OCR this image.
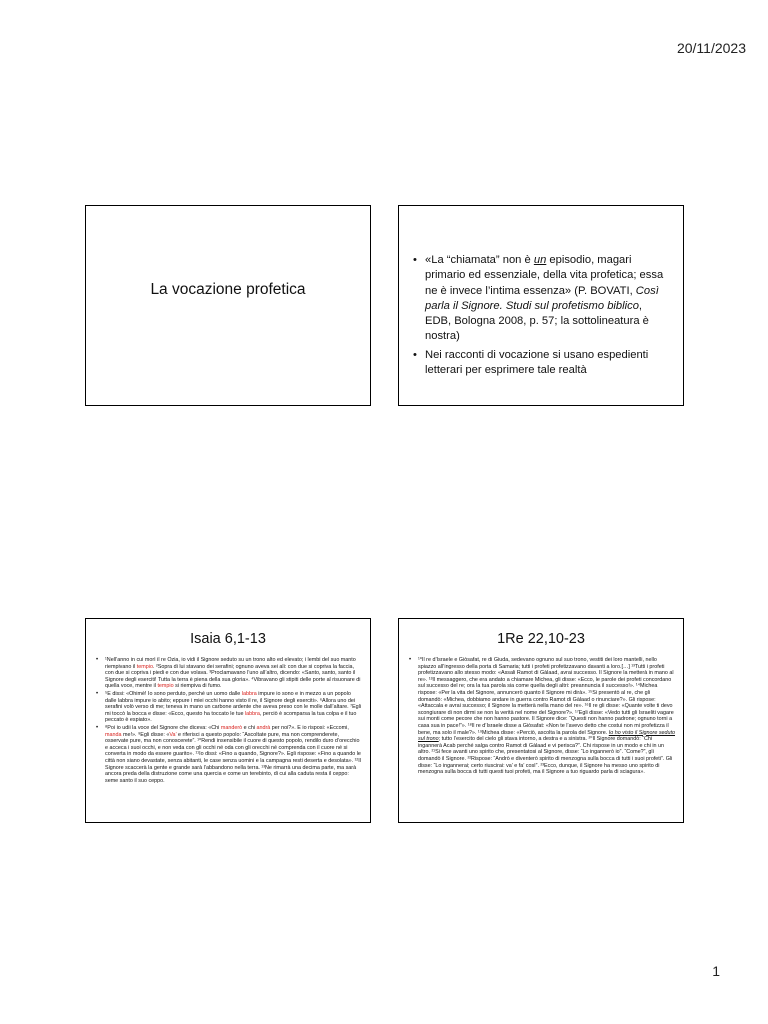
20/11/2023
La vocazione profetica
• «La “chiamata” non è un episodio, magari primario ed essenziale, della vita profetica; essa ne è invece l’intima essenza» (P. BOVATI, Così parla il Signore. Studi sul profetismo biblico, EDB, Bologna 2008, p. 57; la sottolineatura è nostra)
• Nei racconti di vocazione si usano espedienti letterari per esprimere tale realtà
Isaia 6,1-13
• ¹Nell’anno in cui morì il re Ozia, io vidi il Signore seduto su un trono alto ed elevato; i lembi del suo manto riempivano il tempio. ²Sopra di lui stavano dei serafini; ognuno aveva sei ali: con due si copriva la faccia, con due si copriva i piedi e con due volava. ³Proclamavano l’uno all’altro, dicendo: «Santo, santo, santo il Signore degli eserciti! Tutta la terra è piena della sua gloria». ⁴Vibravano gli stipiti delle porte al risuonare di quella voce, mentre il tempio si riempiva di fumo.
• ⁵E dissi: «Ohimè! Io sono perduto, perché un uomo dalle labbra impure io sono e in mezzo a un popolo dalle labbra impure io abito; eppure i miei occhi hanno visto il re, il Signore degli eserciti». ⁶Allora uno dei serafini volò verso di me; teneva in mano un carbone ardente che aveva preso con le molle dall’altare. ⁷Egli mi toccò la bocca e disse: «Ecco, questo ha toccato le tue labbra, perciò è scomparsa la tua colpa e il tuo peccato è espiato».
• ⁸Poi io udii la voce del Signore che diceva: «Chi manderò e chi andrà per noi?». E io risposi: «Eccomi, manda me!». ⁹Egli disse: «Va’ e riferisci a questo popolo: “Ascoltate pure, ma non comprenderete, osservate pure, ma non conoscerete”. ¹⁰Rendi insensibile il cuore di questo popolo, rendilo duro d’orecchio e acceca i suoi occhi, e non veda con gli occhi né oda con gli orecchi né comprenda con il cuore né si converta in modo da essere guarito». ¹¹Io dissi: «Fino a quando, Signore?». Egli rispose: «Fino a quando le città non siano devastate, senza abitanti, le case senza uomini e la campagna resti deserta e desolata». ¹²Il Signore scaccerà la gente e grande sarà l’abbandono nella terra. ¹³Ne rimarrà una decima parte, ma sarà ancora preda della distruzione come una quercia e come un terebinto, di cui alla caduta resta il ceppo: seme santo il suo ceppo.
1Re 22,10-23
• ¹⁰Il re d’Israele e Giòsafat, re di Giuda, sedevano ognuno sul suo trono, vestiti dei loro mantelli, nello spiazzo all’ingresso della porta di Samaria; tutti i profeti profetizzavano davanti a loro.[…] ¹³Tutti i profeti profetizzavano allo stesso modo: «Assali Ramot di Gàlaad, avrai successo. Il Signore la metterà in mano al re». ¹³Il messaggero, che era andato a chiamare Michea, gli disse: «Ecco, le parole dei profeti concordano sul successo del re; ora la tua parola sia come quella degli altri: preannuncia il successo!». ¹⁴Michea rispose: «Per la vita del Signore, annuncerò quanto il Signore mi dirà». ¹⁵Si presentò al re, che gli domandò: «Michea, dobbiamo andare in guerra contro Ramot di Gàlaad o rinunciare?». Gli rispose: «Attaccala e avrai successo; il Signore la metterà nella mano del re». ¹⁶Il re gli disse: «Quante volte ti devo scongiurare di non dirmi se non la verità nel nome del Signore?». ¹⁷Egli disse: «Vedo tutti gli Israeliti vagare sui monti come pecore che non hanno pastore. Il Signore dice: “Questi non hanno padrone; ognuno torni a casa sua in pace!”». ¹⁸Il re d’Israele disse a Giòsafat: «Non te l’avevo detto che costui non mi profetizza il bene, ma solo il male?». ¹⁹Michea disse: «Perciò, ascolta la parola del Signore. Io ho visto il Signore seduto sul trono; tutto l’esercito del cielo gli stava intorno, a destra e a sinistra. ²⁰Il Signore domandò: “Chi ingannerà Acab perché salga contro Ramot di Gàlaad e vi perisca?”. Chi rispose in un modo e chi in un altro. ²¹Si fece avanti uno spirito che, presentatosi al Signore, disse: “Lo ingannerò io”. “Come?”, gli domandò il Signore. ²²Rispose: “Andrò e diventerò spirito di menzogna sulla bocca di tutti i suoi profeti”. Gli disse: “Lo ingannerai; certo riuscirai: va’ e fa’ così”. ²³Ecco, dunque, il Signore ha messo uno spirito di menzogna sulla bocca di tutti questi tuoi profeti, ma il Signore a tuo riguardo parla di sciagura».
1
